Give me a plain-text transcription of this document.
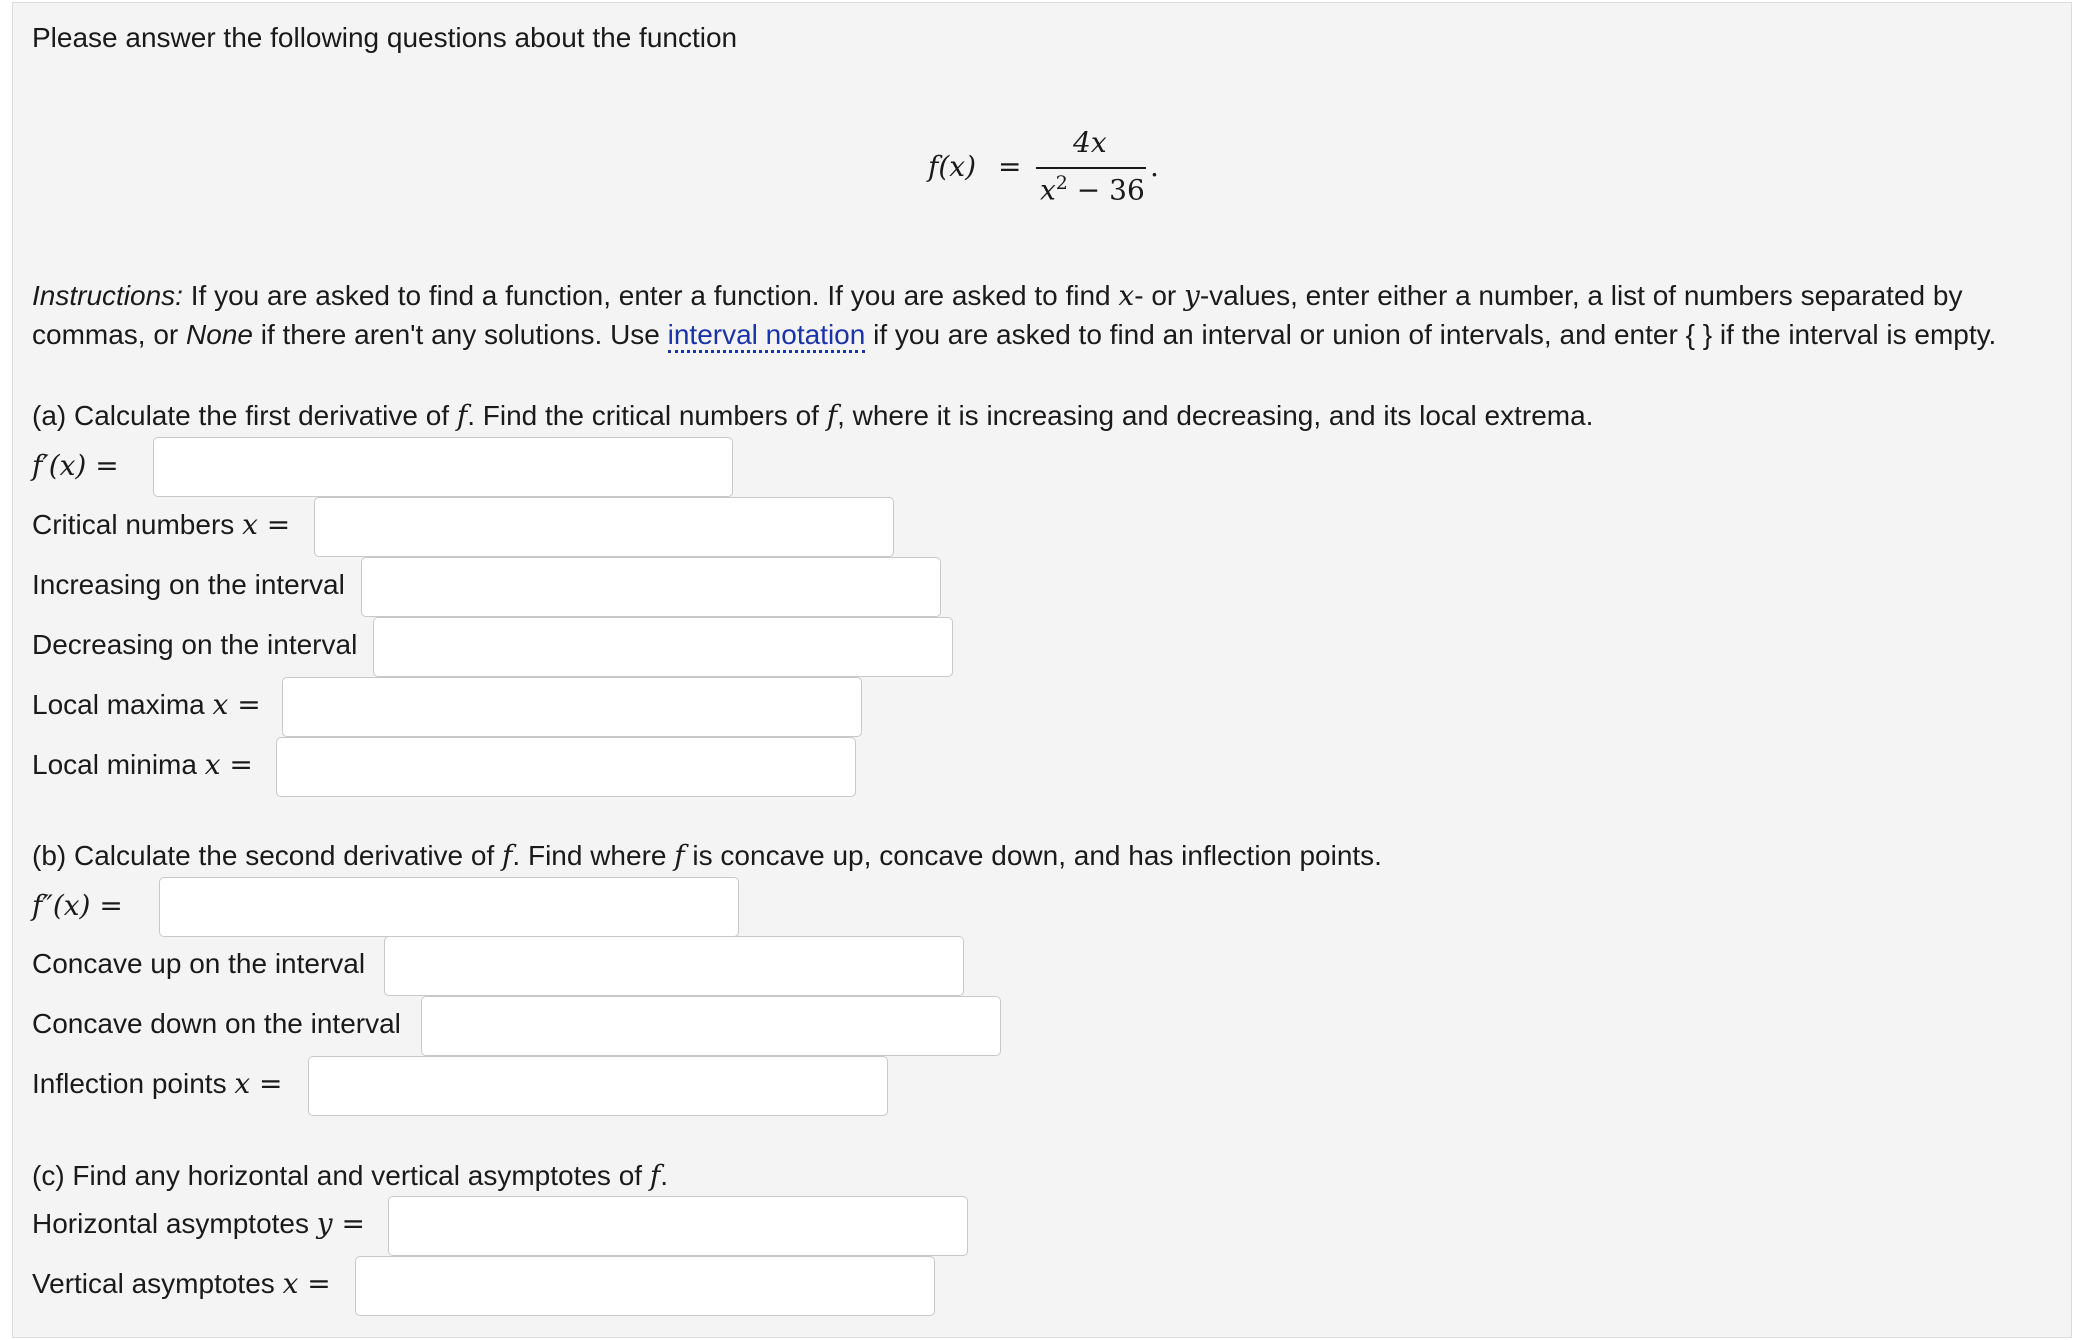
Please answer the following questions about the function
f(x) =
4x
$x^2 - 36$
.
Instructions: If you are asked to find a function, enter a function. If you are asked to find x- or y-values, enter either a number, a list of numbers separated by
commas, or None if there aren't any solutions. Use interval notation if you are asked to find an interval or union of intervals, and enter { } if the interval is empty.
(a) Calculate the first derivative of f. Find the critical numbers of f, where it is increasing and decreasing, and its local extrema.
f′(x) =
Critical numbers x =
Increasing on the interval
Decreasing on the interval
Local maxima x =
Local minima x =
(b) Calculate the second derivative of f. Find where f is concave up, concave down, and has inflection points.
f″(x) =
Concave up on the interval
Concave down on the interval
Inflection points x =
(c) Find any horizontal and vertical asymptotes of f.
Horizontal asymptotes y =
Vertical asymptotes x =
